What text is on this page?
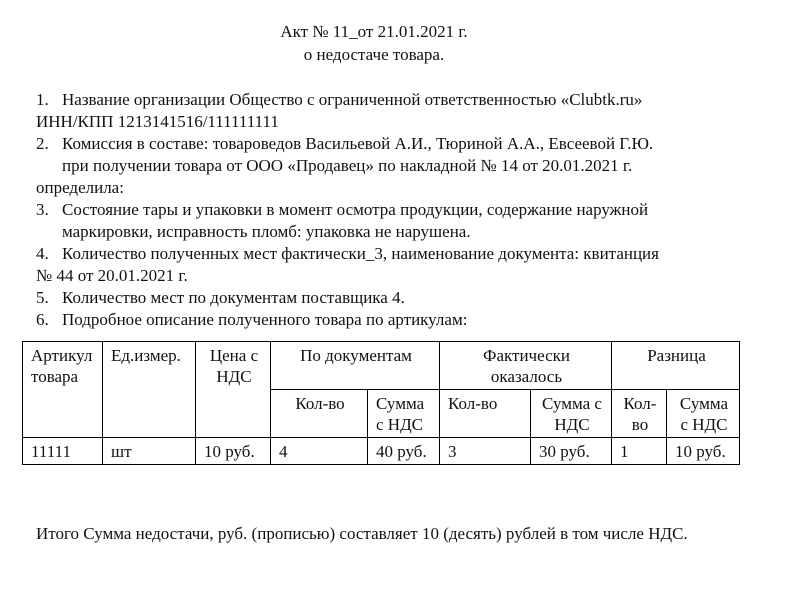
Акт № 11_от 21.01.2021 г.
о недостаче товара.
1. Название организации Общество с ограниченной ответственностью «Clubtk.ru»
ИНН/КПП 1213141516/111111111
2. Комиссия в составе: товароведов Васильевой А.И., Тюриной А.А., Евсеевой Г.Ю.
при получении товара от ООО «Продавец» по накладной № 14 от 20.01.2021 г.
определила:
3. Состояние тары и упаковки в момент осмотра продукции, содержание наружной
маркировки, исправность пломб: упаковка не нарушена.
4. Количество полученных мест фактически_3, наименование документа: квитанция
№ 44 от 20.01.2021 г.
5. Количество мест по документам поставщика 4.
6. Подробное описание полученного товара по артикулам:
Артикул товара	Ед.измер.	Цена с НДС	По документам		Фактически оказалось		Разница	
			Кол-во	Сумма с НДС	Кол-во	Сумма с НДС	Кол-во	Сумма с НДС
11111	шт	10 руб.	4	40 руб.	3	30 руб.	1	10 руб.
Итого Сумма недостачи, руб. (прописью) составляет 10 (десять) рублей в том числе НДС.
